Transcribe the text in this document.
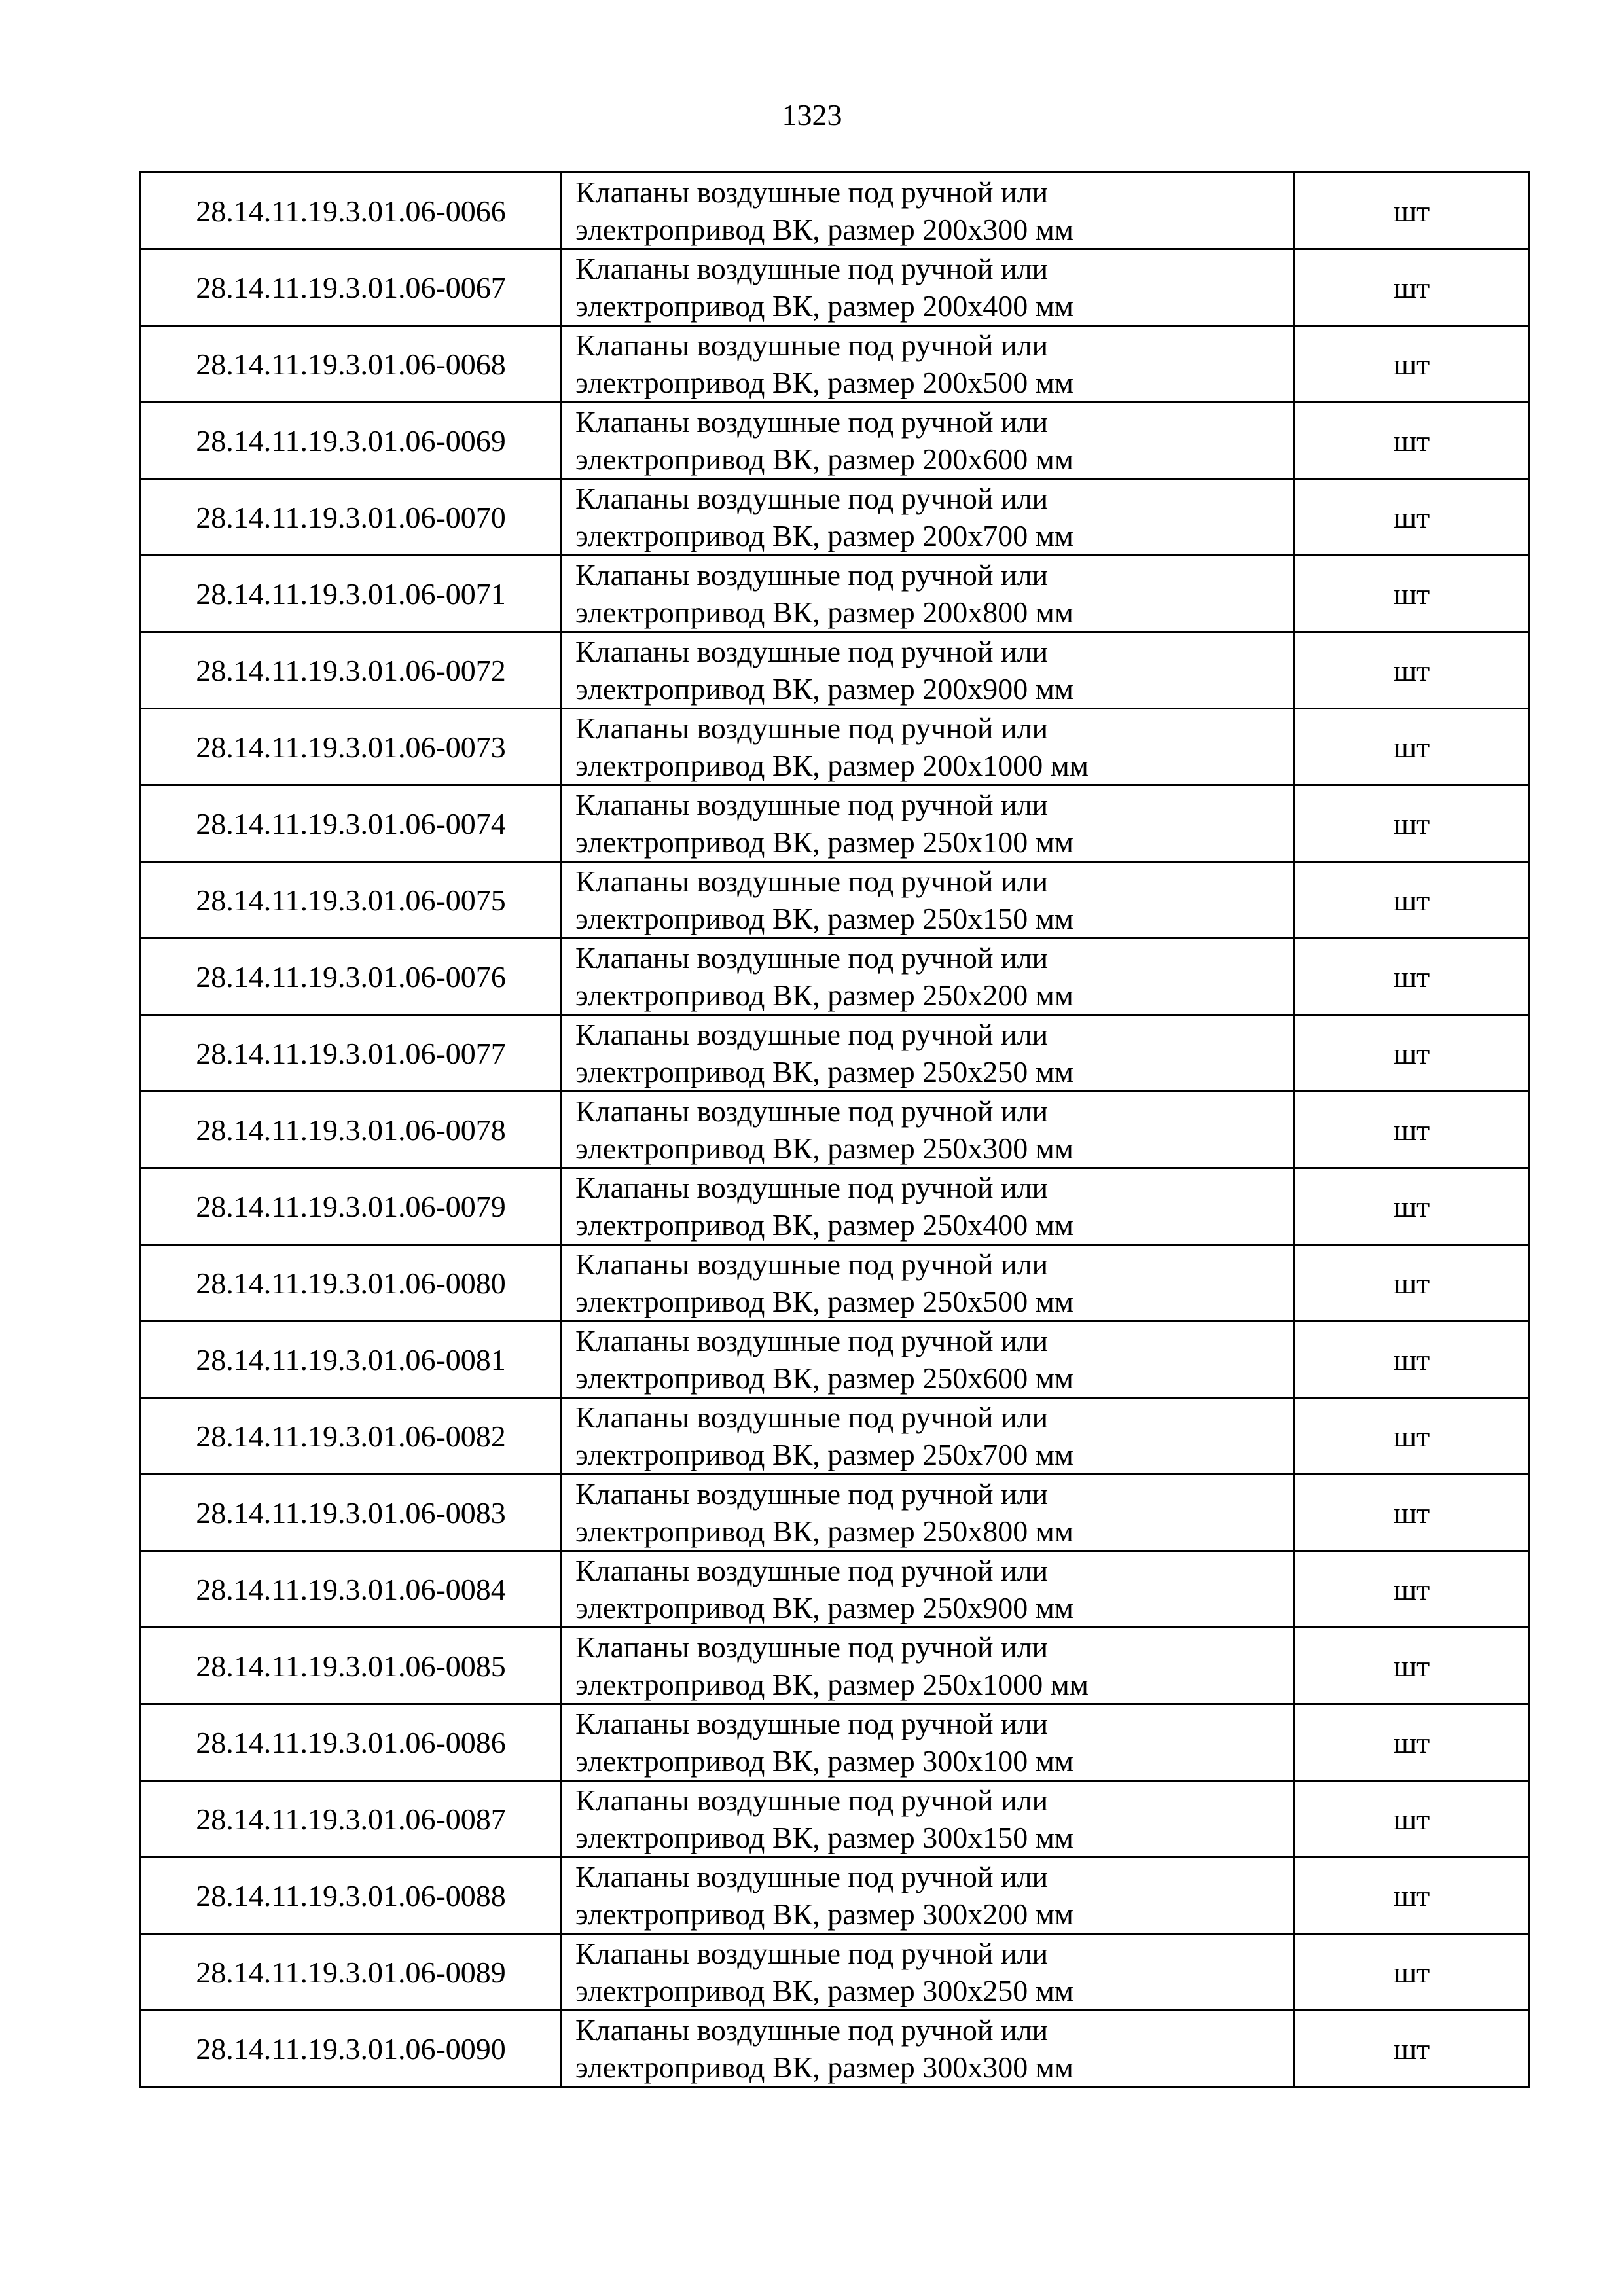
1323
28.14.11.19.3.01.06-0066	Клапаны воздушные под ручной или
электропривод ВК, размер 200х300 мм	шт
28.14.11.19.3.01.06-0067	Клапаны воздушные под ручной или
электропривод ВК, размер 200х400 мм	шт
28.14.11.19.3.01.06-0068	Клапаны воздушные под ручной или
электропривод ВК, размер 200х500 мм	шт
28.14.11.19.3.01.06-0069	Клапаны воздушные под ручной или
электропривод ВК, размер 200х600 мм	шт
28.14.11.19.3.01.06-0070	Клапаны воздушные под ручной или
электропривод ВК, размер 200х700 мм	шт
28.14.11.19.3.01.06-0071	Клапаны воздушные под ручной или
электропривод ВК, размер 200х800 мм	шт
28.14.11.19.3.01.06-0072	Клапаны воздушные под ручной или
электропривод ВК, размер 200х900 мм	шт
28.14.11.19.3.01.06-0073	Клапаны воздушные под ручной или
электропривод ВК, размер 200х1000 мм	шт
28.14.11.19.3.01.06-0074	Клапаны воздушные под ручной или
электропривод ВК, размер 250х100 мм	шт
28.14.11.19.3.01.06-0075	Клапаны воздушные под ручной или
электропривод ВК, размер 250х150 мм	шт
28.14.11.19.3.01.06-0076	Клапаны воздушные под ручной или
электропривод ВК, размер 250х200 мм	шт
28.14.11.19.3.01.06-0077	Клапаны воздушные под ручной или
электропривод ВК, размер 250х250 мм	шт
28.14.11.19.3.01.06-0078	Клапаны воздушные под ручной или
электропривод ВК, размер 250х300 мм	шт
28.14.11.19.3.01.06-0079	Клапаны воздушные под ручной или
электропривод ВК, размер 250х400 мм	шт
28.14.11.19.3.01.06-0080	Клапаны воздушные под ручной или
электропривод ВК, размер 250х500 мм	шт
28.14.11.19.3.01.06-0081	Клапаны воздушные под ручной или
электропривод ВК, размер 250х600 мм	шт
28.14.11.19.3.01.06-0082	Клапаны воздушные под ручной или
электропривод ВК, размер 250х700 мм	шт
28.14.11.19.3.01.06-0083	Клапаны воздушные под ручной или
электропривод ВК, размер 250х800 мм	шт
28.14.11.19.3.01.06-0084	Клапаны воздушные под ручной или
электропривод ВК, размер 250х900 мм	шт
28.14.11.19.3.01.06-0085	Клапаны воздушные под ручной или
электропривод ВК, размер 250х1000 мм	шт
28.14.11.19.3.01.06-0086	Клапаны воздушные под ручной или
электропривод ВК, размер 300х100 мм	шт
28.14.11.19.3.01.06-0087	Клапаны воздушные под ручной или
электропривод ВК, размер 300х150 мм	шт
28.14.11.19.3.01.06-0088	Клапаны воздушные под ручной или
электропривод ВК, размер 300х200 мм	шт
28.14.11.19.3.01.06-0089	Клапаны воздушные под ручной или
электропривод ВК, размер 300х250 мм	шт
28.14.11.19.3.01.06-0090	Клапаны воздушные под ручной или
электропривод ВК, размер 300х300 мм	шт
